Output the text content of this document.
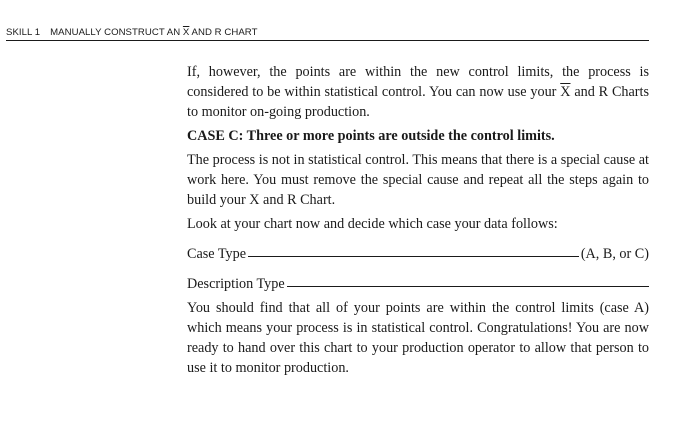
SKILL 1 MANUALLY CONSTRUCT AN $\overline{X}$ AND R CHART

If, however, the points are within the new control limits, the process is considered to be within statistical control. You can now use your $\overline{X}$ and R Charts to monitor on-going production.

CASE C: Three or more points are outside the control limits.

The process is not in statistical control. This means that there is a special cause at work here. You must remove the special cause and repeat all the steps again to build your X and R Chart.

Look at your chart now and decide which case your data follows:

Case Type	(A, B, or C)
Description Type

You should find that all of your points are within the control limits (case A) which means your process is in statistical control. Congratulations! You are now ready to hand over this chart to your production operator to allow that person to use it to monitor production.
